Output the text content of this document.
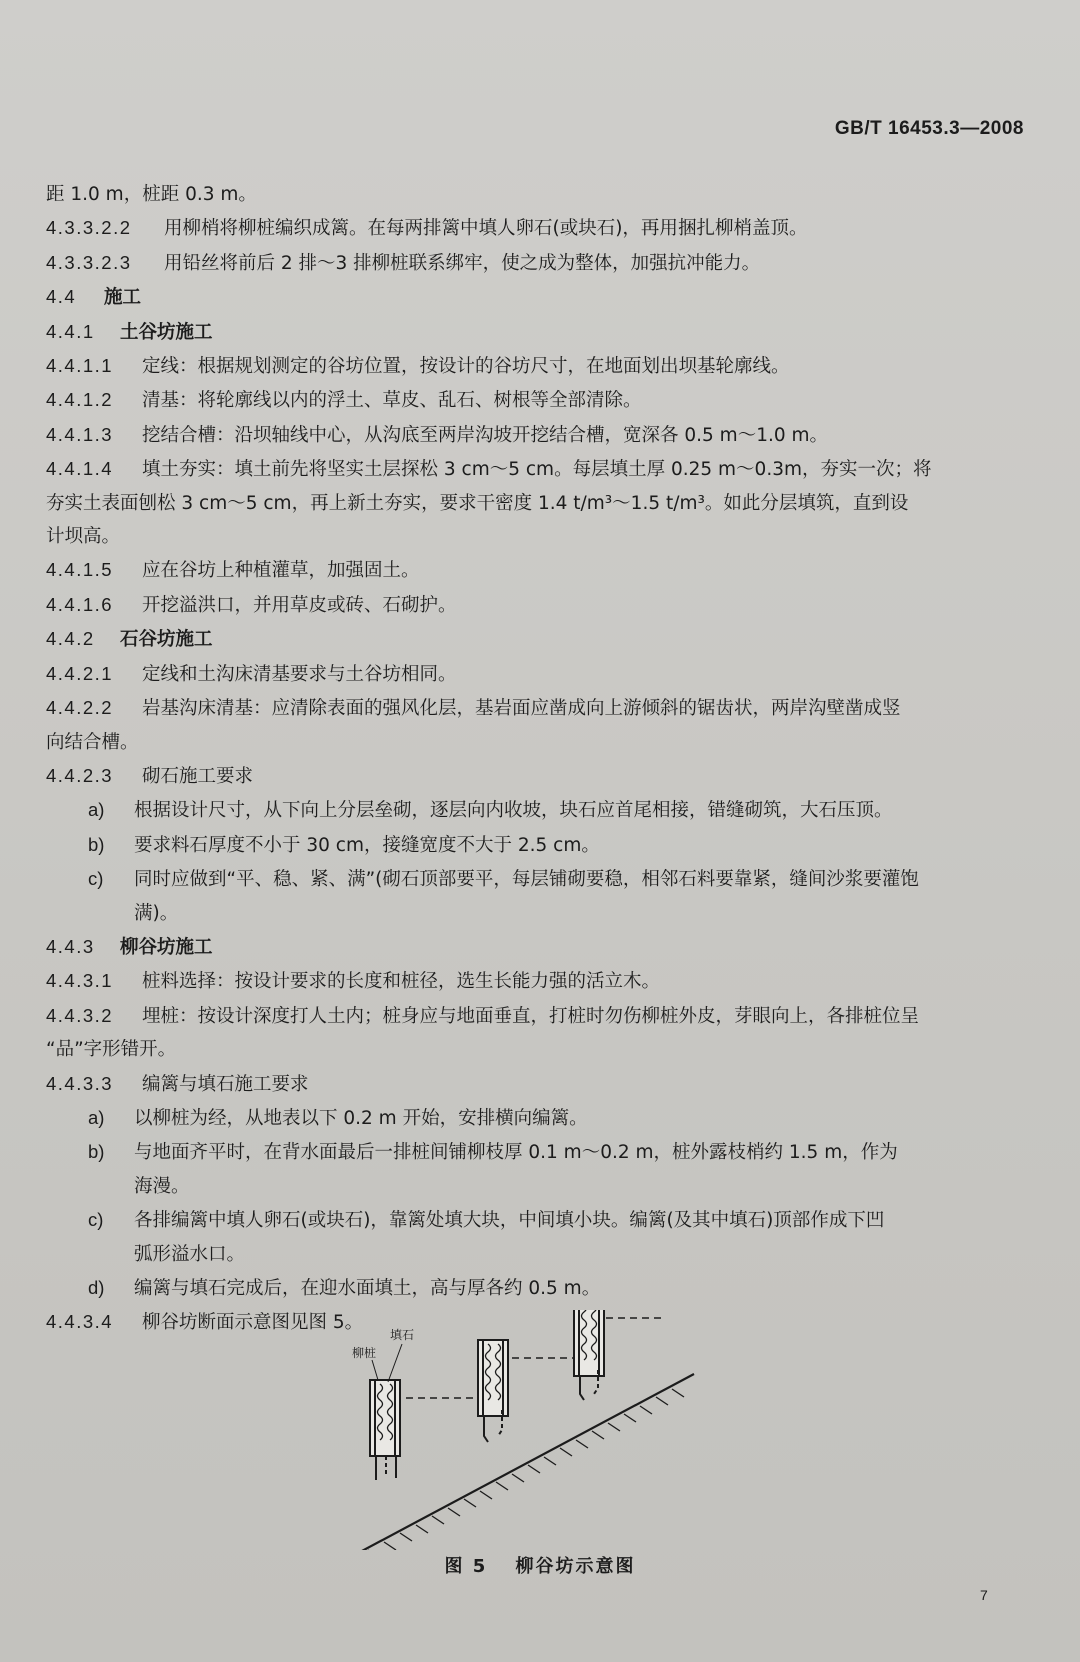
GB/T 16453.3—2008
距 1.0 m，桩距 0.3 m。
4.3.3.2.2 用柳梢将柳桩编织成篱。在每两排篱中填人卵石(或块石)，再用捆扎柳梢盖顶。
4.3.3.2.3 用铅丝将前后 2 排～3 排柳桩联系绑牢，使之成为整体，加强抗冲能力。
4.4 施工
4.4.1 土谷坊施工
4.4.1.1 定线：根据规划测定的谷坊位置，按设计的谷坊尺寸，在地面划出坝基轮廓线。
4.4.1.2 清基：将轮廓线以内的浮土、草皮、乱石、树根等全部清除。
4.4.1.3 挖结合槽：沿坝轴线中心，从沟底至两岸沟坡开挖结合槽，宽深各 0.5 m～1.0 m。
4.4.1.4 填土夯实：填土前先将坚实土层探松 3 cm～5 cm。每层填土厚 0.25 m～0.3m，夯实一次；将
夯实土表面刨松 3 cm～5 cm，再上新土夯实，要求干密度 1.4 t/m³～1.5 t/m³。如此分层填筑，直到设
计坝高。
4.4.1.5 应在谷坊上种植灌草，加强固土。
4.4.1.6 开挖溢洪口，并用草皮或砖、石砌护。
4.4.2 石谷坊施工
4.4.2.1 定线和土沟床清基要求与土谷坊相同。
4.4.2.2 岩基沟床清基：应清除表面的强风化层，基岩面应凿成向上游倾斜的锯齿状，两岸沟壁凿成竖
向结合槽。
4.4.2.3 砌石施工要求
a) 根据设计尺寸，从下向上分层垒砌，逐层向内收坡，块石应首尾相接，错缝砌筑，大石压顶。
b) 要求料石厚度不小于 30 cm，接缝宽度不大于 2.5 cm。
c) 同时应做到“平、稳、紧、满”(砌石顶部要平，每层铺砌要稳，相邻石料要靠紧，缝间沙浆要灌饱
满)。
4.4.3 柳谷坊施工
4.4.3.1 桩料选择：按设计要求的长度和桩径，选生长能力强的活立木。
4.4.3.2 埋桩：按设计深度打人土内；桩身应与地面垂直，打桩时勿伤柳桩外皮，芽眼向上，各排桩位呈
“品”字形错开。
4.4.3.3 编篱与填石施工要求
a) 以柳桩为经，从地表以下 0.2 m 开始，安排横向编篱。
b) 与地面齐平时，在背水面最后一排桩间铺柳枝厚 0.1 m～0.2 m，桩外露枝梢约 1.5 m，作为
海漫。
c) 各排编篱中填人卵石(或块石)，靠篱处填大块，中间填小块。编篱(及其中填石)顶部作成下凹
弧形溢水口。
d) 编篱与填石完成后，在迎水面填土，高与厚各约 0.5 m。
4.4.3.4 柳谷坊断面示意图见图 5。
柳桩
填石
图 5 柳谷坊示意图
7
